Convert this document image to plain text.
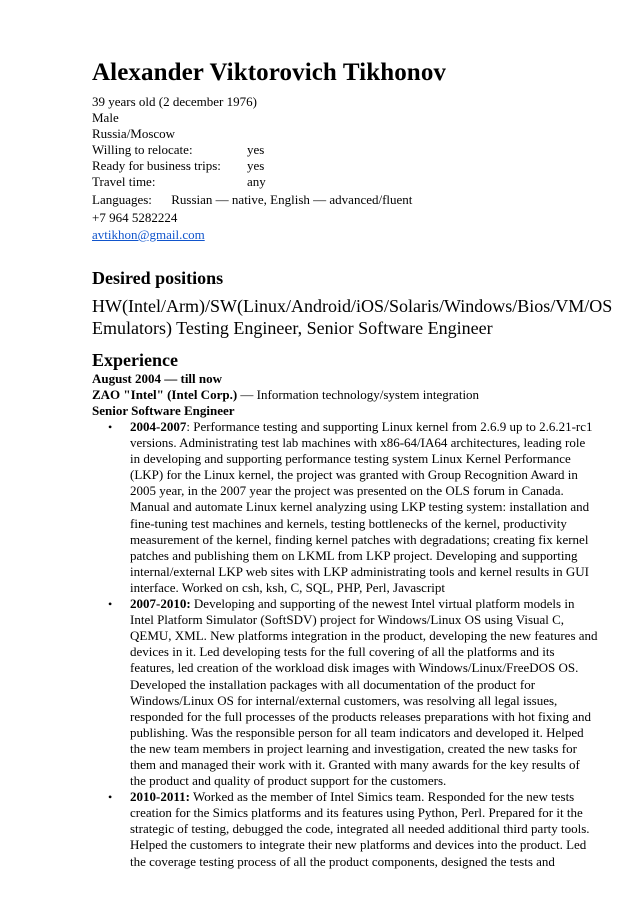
Alexander Viktorovich Tikhonov
39 years old (2 december 1976)
Male
Russia/Moscow
Willing to relocate:	yes
Ready for business trips:	yes
Travel time:	any
Languages: Russian — native, English — advanced/fluent
+7 964 5282224
avtikhon@gmail.com
Desired positions
HW(Intel/Arm)/SW(Linux/Android/iOS/Solaris/Windows/Bios/VM/OS Emulators) Testing Engineer, Senior Software Engineer
Experience
August 2004 — till now
ZAO "Intel" (Intel Corp.) — Information technology/system integration
Senior Software Engineer
• 2004-2007: Performance testing and supporting Linux kernel from 2.6.9 up to 2.6.21-rc1 versions. Administrating test lab machines with x86-64/IA64 architectures, leading role in developing and supporting performance testing system Linux Kernel Performance (LKP) for the Linux kernel, the project was granted with Group Recognition Award in 2005 year, in the 2007 year the project was presented on the OLS forum in Canada. Manual and automate Linux kernel analyzing using LKP testing system: installation and fine-tuning test machines and kernels, testing bottlenecks of the kernel, productivity measurement of the kernel, finding kernel patches with degradations; creating fix kernel patches and publishing them on LKML from LKP project. Developing and supporting internal/external LKP web sites with LKP administrating tools and kernel results in GUI interface. Worked on csh, ksh, C, SQL, PHP, Perl, Javascript
• 2007-2010: Developing and supporting of the newest Intel virtual platform models in Intel Platform Simulator (SoftSDV) project for Windows/Linux OS using Visual C, QEMU, XML. New platforms integration in the product, developing the new features and devices in it. Led developing tests for the full covering of all the platforms and its features, led creation of the workload disk images with Windows/Linux/FreeDOS OS. Developed the installation packages with all documentation of the product for Windows/Linux OS for internal/external customers, was resolving all legal issues, responded for the full processes of the products releases preparations with hot fixing and publishing. Was the responsible person for all team indicators and developed it. Helped the new team members in project learning and investigation, created the new tasks for them and managed their work with it. Granted with many awards for the key results of the product and quality of product support for the customers.
• 2010-2011: Worked as the member of Intel Simics team. Responded for the new tests creation for the Simics platforms and its features using Python, Perl. Prepared for it the strategic of testing, debugged the code, integrated all needed additional third party tools. Helped the customers to integrate their new platforms and devices into the product. Led the coverage testing process of all the product components, designed the tests and
